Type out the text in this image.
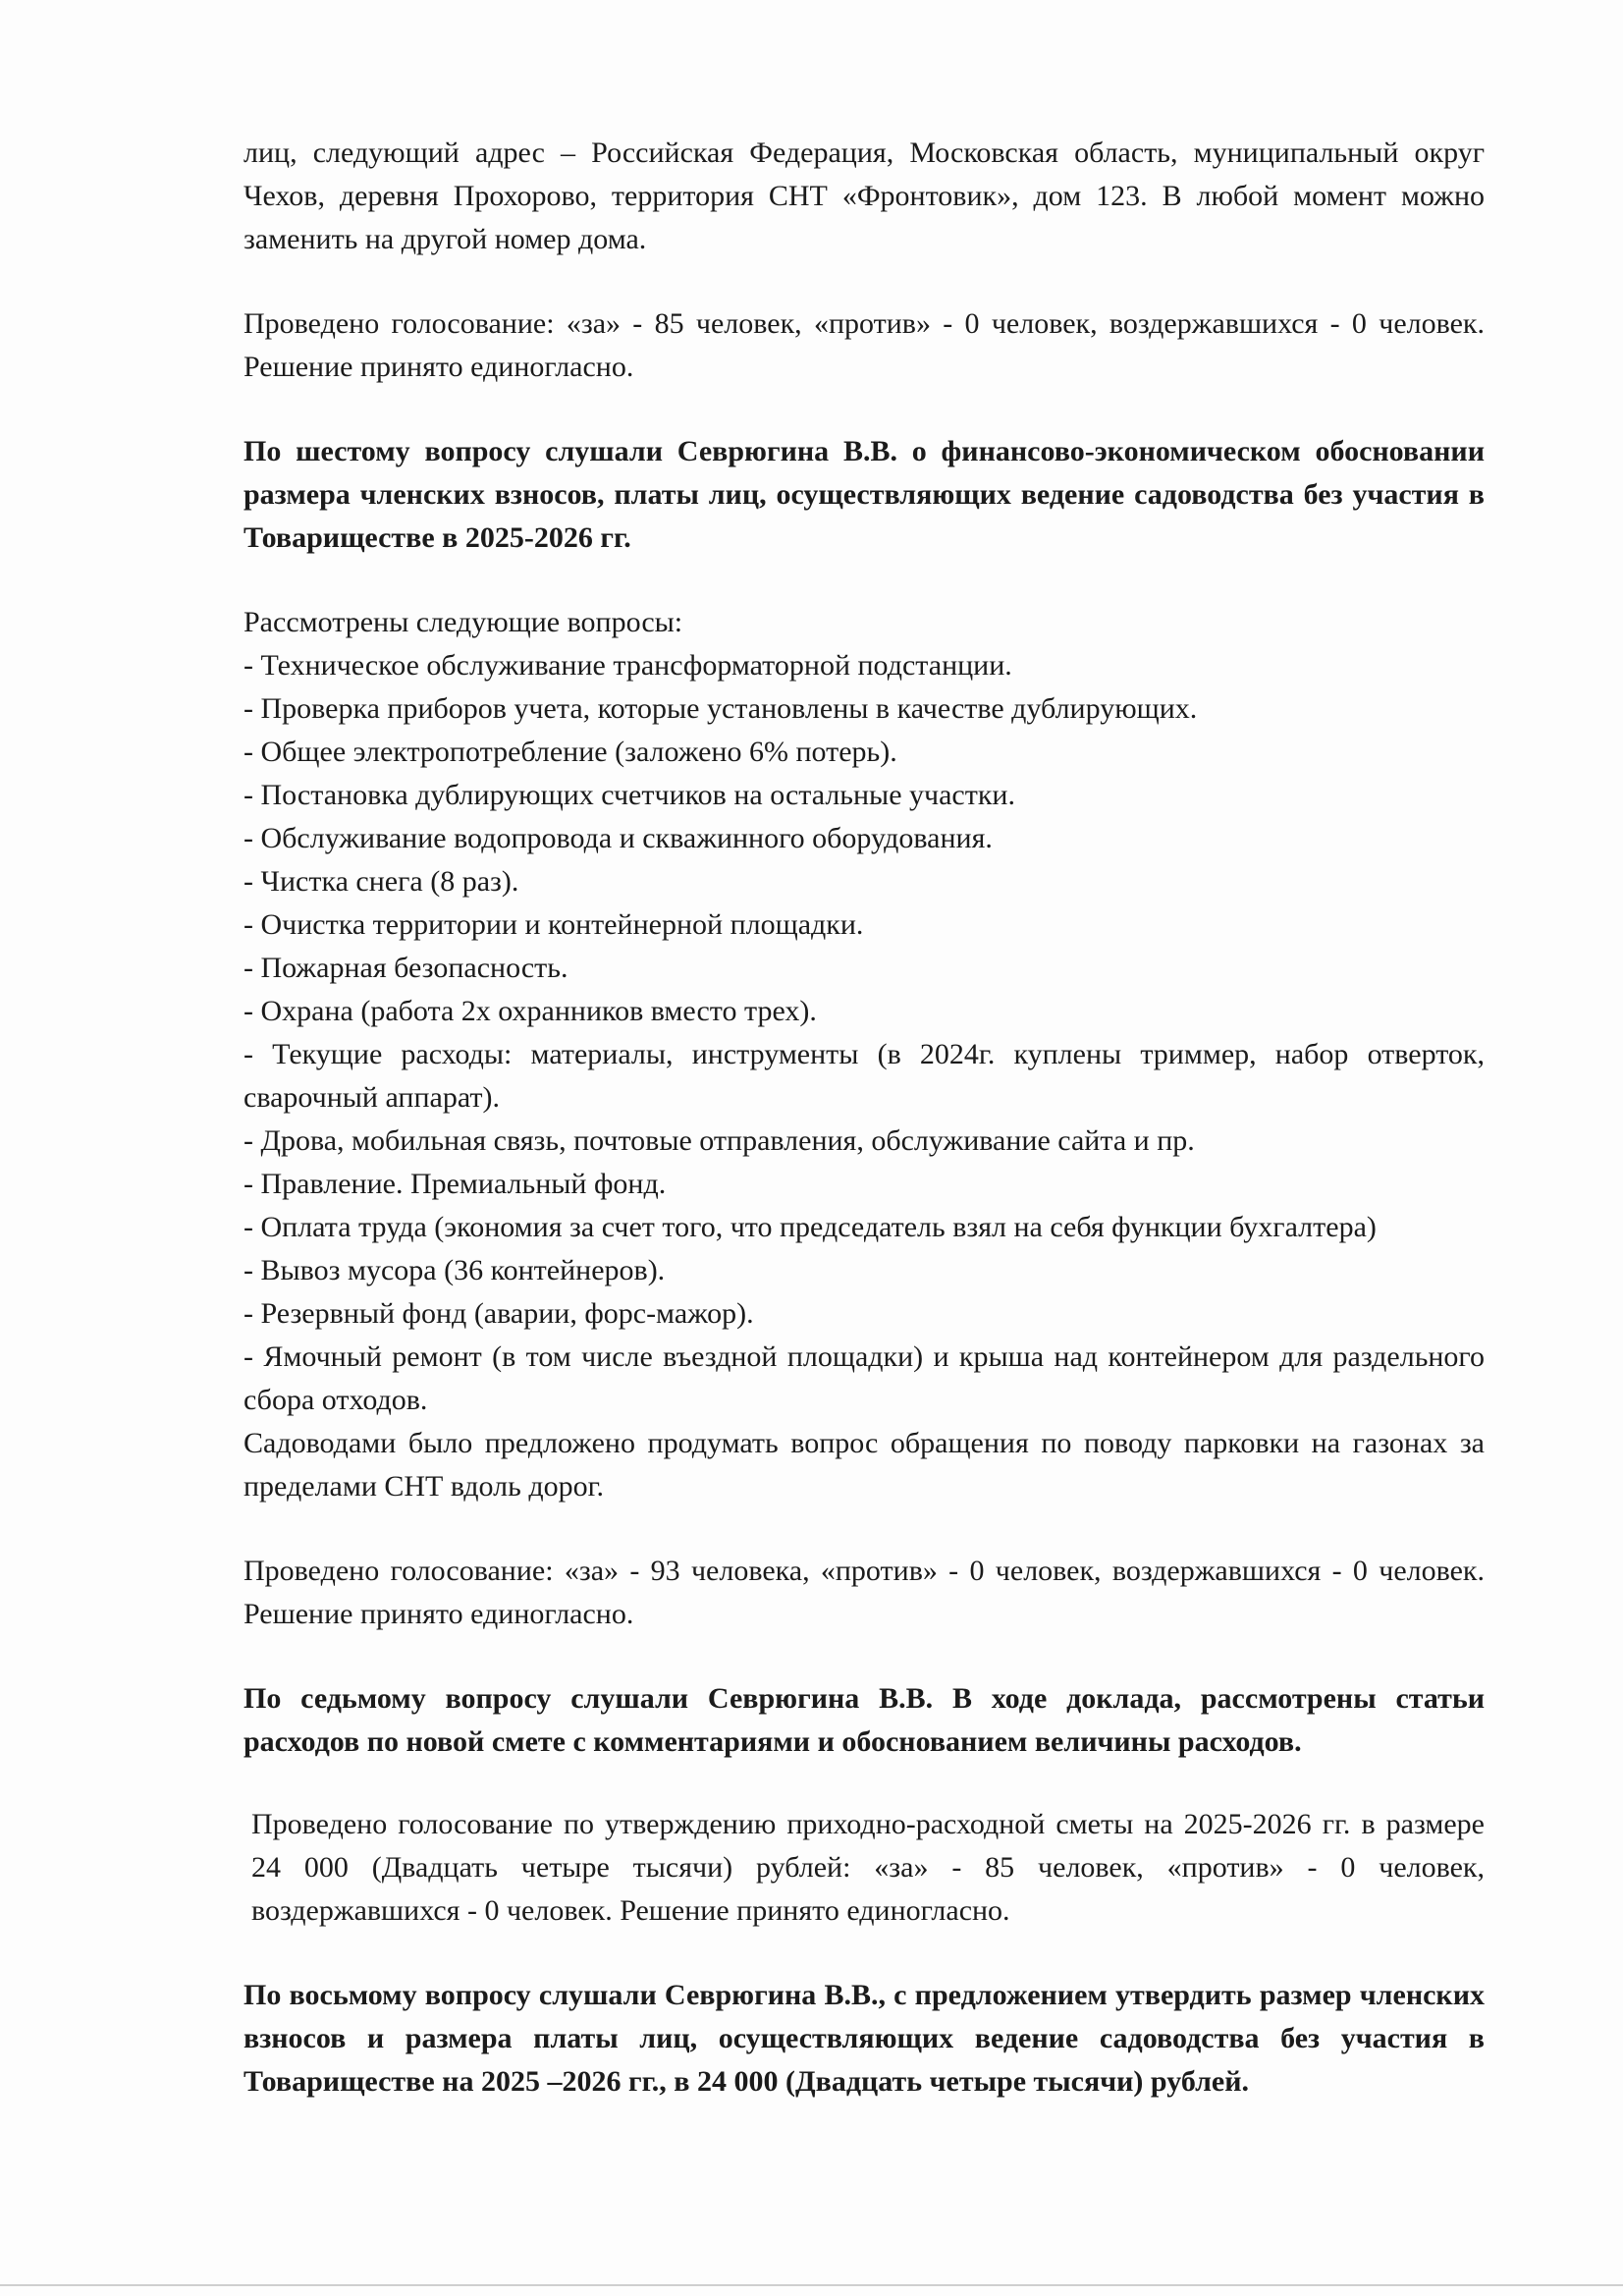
лиц, следующий адрес – Российская Федерация, Московская область, муниципальный округ Чехов, деревня Прохорово, территория СНТ «Фронтовик», дом 123. В любой момент можно заменить на другой номер дома.

Проведено голосование: «за» - 85 человек, «против» - 0 человек, воздержавшихся - 0 человек. Решение принято единогласно.

По шестому вопросу слушали Севрюгина В.В. о финансово-экономическом обосновании размера членских взносов, платы лиц, осуществляющих ведение садоводства без участия в Товариществе в 2025-2026 гг.

Рассмотрены следующие вопросы:

- Техническое обслуживание трансформаторной подстанции.
- Проверка приборов учета, которые установлены в качестве дублирующих.
- Общее электропотребление (заложено 6% потерь).
- Постановка дублирующих счетчиков на остальные участки.
- Обслуживание водопровода и скважинного оборудования.
- Чистка снега (8 раз).
- Очистка территории и контейнерной площадки.
- Пожарная безопасность.
- Охрана (работа 2х охранников вместо трех).
- Текущие расходы: материалы, инструменты (в 2024г. куплены триммер, набор отверток, сварочный аппарат).
- Дрова, мобильная связь, почтовые отправления, обслуживание сайта и пр.
- Правление. Премиальный фонд.
- Оплата труда (экономия за счет того, что председатель взял на себя функции бухгалтера)
- Вывоз мусора (36 контейнеров).
- Резервный фонд (аварии, форс-мажор).
- Ямочный ремонт (в том числе въездной площадки) и крыша над контейнером для раздельного сбора отходов.

Садоводами было предложено продумать вопрос обращения по поводу парковки на газонах за пределами СНТ вдоль дорог.

Проведено голосование: «за» - 93 человека, «против» - 0 человек, воздержавшихся - 0 человек. Решение принято единогласно.

По седьмому вопросу слушали Севрюгина В.В. В ходе доклада, рассмотрены статьи расходов по новой смете с комментариями и обоснованием величины расходов.

Проведено голосование по утверждению приходно-расходной сметы на 2025-2026 гг. в размере 24 000 (Двадцать четыре тысячи) рублей: «за» - 85 человек, «против» - 0 человек, воздержавшихся - 0 человек. Решение принято единогласно.

По восьмому вопросу слушали Севрюгина В.В., с предложением утвердить размер членских взносов и размера платы лиц, осуществляющих ведение садоводства без участия в Товариществе на 2025 –2026 гг., в 24 000 (Двадцать четыре тысячи) рублей.
